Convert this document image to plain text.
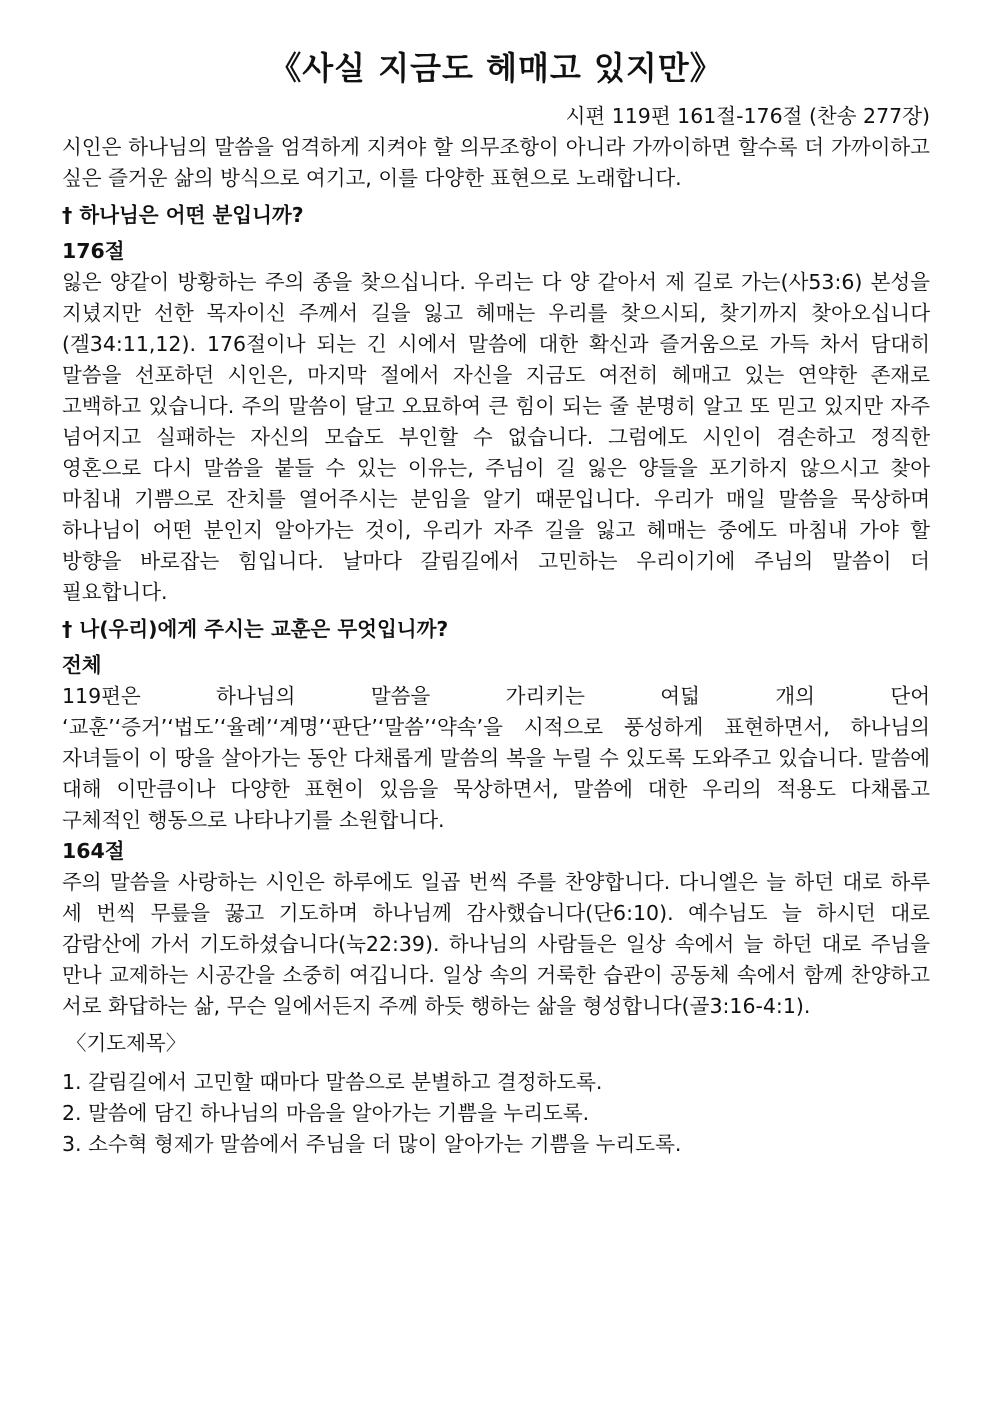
《사실 지금도 헤매고 있지만》
시편 119편 161절-176절 (찬송 277장)

시인은 하나님의 말씀을 엄격하게 지켜야 할 의무조항이 아니라 가까이하면 할수록 더 가까이하고 싶은 즐거운 삶의 방식으로 여기고, 이를 다양한 표현으로 노래합니다.

† 하나님은 어떤 분입니까?
176절

잃은 양같이 방황하는 주의 종을 찾으십니다. 우리는 다 양 같아서 제 길로 가는(사53:6) 본성을 지녔지만 선한 목자이신 주께서 길을 잃고 헤매는 우리를 찾으시되, 찾기까지 찾아오십니다(겔34:11,12). 176절이나 되는 긴 시에서 말씀에 대한 확신과 즐거움으로 가득 차서 담대히 말씀을 선포하던 시인은, 마지막 절에서 자신을 지금도 여전히 헤매고 있는 연약한 존재로 고백하고 있습니다. 주의 말씀이 달고 오묘하여 큰 힘이 되는 줄 분명히 알고 또 믿고 있지만 자주 넘어지고 실패하는 자신의 모습도 부인할 수 없습니다. 그럼에도 시인이 겸손하고 정직한 영혼으로 다시 말씀을 붙들 수 있는 이유는, 주님이 길 잃은 양들을 포기하지 않으시고 찾아 마침내 기쁨으로 잔치를 열어주시는 분임을 알기 때문입니다. 우리가 매일 말씀을 묵상하며 하나님이 어떤 분인지 알아가는 것이, 우리가 자주 길을 잃고 헤매는 중에도 마침내 가야 할 방향을 바로잡는 힘입니다. 날마다 갈림길에서 고민하는 우리이기에 주님의 말씀이 더 필요합니다.

† 나(우리)에게 주시는 교훈은 무엇입니까?
전체

119편은 하나님의 말씀을 가리키는 여덟 개의 단어 ‘교훈’‘증거’‘법도’‘율례’‘계명’‘판단’‘말씀’‘약속’을 시적으로 풍성하게 표현하면서, 하나님의 자녀들이 이 땅을 살아가는 동안 다채롭게 말씀의 복을 누릴 수 있도록 도와주고 있습니다. 말씀에 대해 이만큼이나 다양한 표현이 있음을 묵상하면서, 말씀에 대한 우리의 적용도 다채롭고 구체적인 행동으로 나타나기를 소원합니다.

164절

주의 말씀을 사랑하는 시인은 하루에도 일곱 번씩 주를 찬양합니다. 다니엘은 늘 하던 대로 하루 세 번씩 무릎을 꿇고 기도하며 하나님께 감사했습니다(단6:10). 예수님도 늘 하시던 대로 감람산에 가서 기도하셨습니다(눅22:39). 하나님의 사람들은 일상 속에서 늘 하던 대로 주님을 만나 교제하는 시공간을 소중히 여깁니다. 일상 속의 거룩한 습관이 공동체 속에서 함께 찬양하고 서로 화답하는 삶, 무슨 일에서든지 주께 하듯 행하는 삶을 형성합니다(골3:16-4:1).

〈기도제목〉
1. 갈림길에서 고민할 때마다 말씀으로 분별하고 결정하도록.
2. 말씀에 담긴 하나님의 마음을 알아가는 기쁨을 누리도록.
3. 소수혁 형제가 말씀에서 주님을 더 많이 알아가는 기쁨을 누리도록.
